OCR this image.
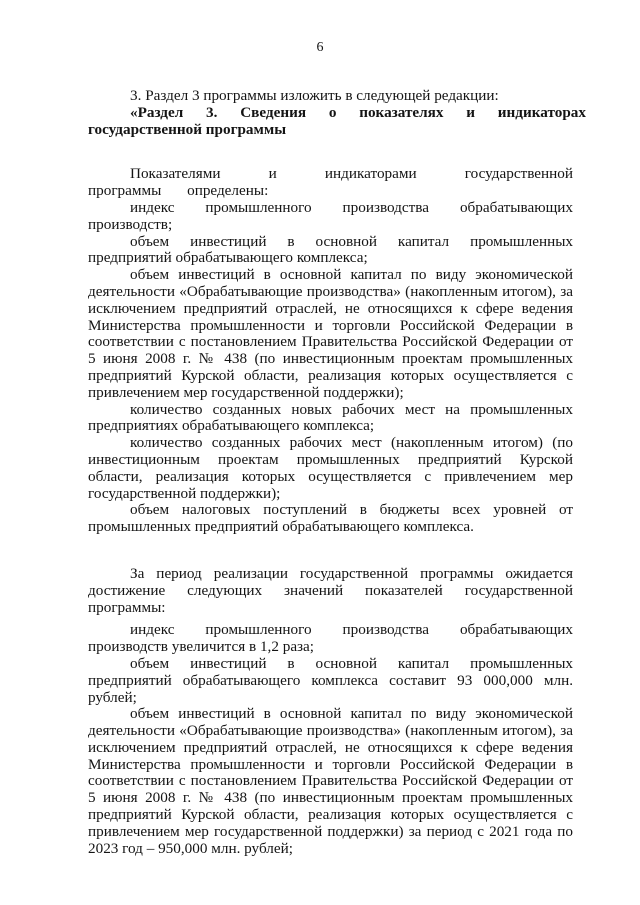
6

3. Раздел 3 программы изложить в следующей редакции:

«Раздел      3.      Сведения      о      показателях      и      индикаторах

государственной программы

Показателями и индикаторами государственной программы определены:

индекс промышленного производства обрабатывающих производств;

объем инвестиций в основной капитал промышленных предприятий обрабатывающего комплекса;

объем инвестиций в основной капитал по виду экономической деятельности «Обрабатывающие производства» (накопленным итогом), за исключением предприятий отраслей, не относящихся к сфере ведения Министерства промышленности и торговли Российской Федерации в соответствии с постановлением Правительства Российской Федерации от 5 июня 2008 г. № 438 (по инвестиционным проектам промышленных предприятий Курской области, реализация которых осуществляется с привлечением мер государственной поддержки);

количество созданных новых рабочих мест на промышленных предприятиях обрабатывающего комплекса;

количество созданных рабочих мест (накопленным итогом) (по инвестиционным проектам промышленных предприятий Курской области, реализация которых осуществляется с привлечением мер государственной поддержки);

объем налоговых поступлений в бюджеты всех уровней от промышленных предприятий обрабатывающего комплекса.

За период реализации государственной программы ожидается достижение следующих значений показателей государственной программы:

индекс промышленного производства обрабатывающих производств увеличится в 1,2 раза;

объем инвестиций в основной капитал промышленных предприятий обрабатывающего комплекса составит 93 000,000 млн. рублей;

объем инвестиций в основной капитал по виду экономической деятельности «Обрабатывающие производства» (накопленным итогом), за исключением предприятий отраслей, не относящихся к сфере ведения Министерства промышленности и торговли Российской Федерации в соответствии с постановлением Правительства Российской Федерации от 5 июня 2008 г. № 438 (по инвестиционным проектам промышленных предприятий Курской области, реализация которых осуществляется с привлечением мер государственной поддержки) за период с 2021 года по 2023 год – 950,000 млн. рублей;
